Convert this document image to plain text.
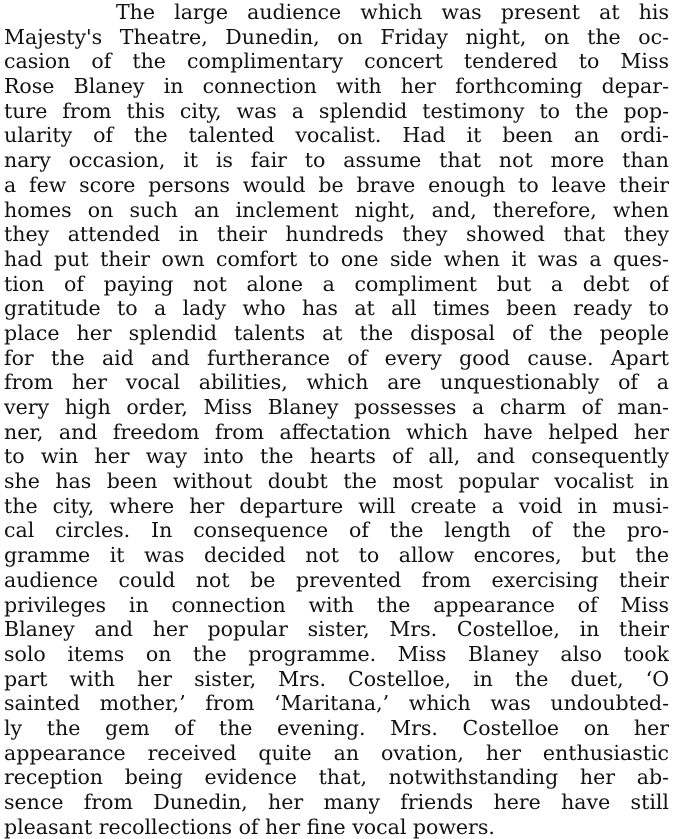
The large audience which was present at his
Majesty's Theatre, Dunedin, on Friday night, on the oc-
casion of the complimentary concert tendered to Miss
Rose Blaney in connection with her forthcoming depar-
ture from this city, was a splendid testimony to the pop-
ularity of the talented vocalist. Had it been an ordi-
nary occasion, it is fair to assume that not more than
a few score persons would be brave enough to leave their
homes on such an inclement night, and, therefore, when
they attended in their hundreds they showed that they
had put their own comfort to one side when it was a ques-
tion of paying not alone a compliment but a debt of
gratitude to a lady who has at all times been ready to
place her splendid talents at the disposal of the people
for the aid and furtherance of every good cause. Apart
from her vocal abilities, which are unquestionably of a
very high order, Miss Blaney possesses a charm of man-
ner, and freedom from affectation which have helped her
to win her way into the hearts of all, and consequently
she has been without doubt the most popular vocalist in
the city, where her departure will create a void in musi-
cal circles. In consequence of the length of the pro-
gramme it was decided not to allow encores, but the
audience could not be prevented from exercising their
privileges in connection with the appearance of Miss
Blaney and her popular sister, Mrs. Costelloe, in their
solo items on the programme. Miss Blaney also took
part with her sister, Mrs. Costelloe, in the duet, ‘O
sainted mother,’ from ‘Maritana,’ which was undoubted-
ly the gem of the evening. Mrs. Costelloe on her
appearance received quite an ovation, her enthusiastic
reception being evidence that, notwithstanding her ab-
sence from Dunedin, her many friends here have still
pleasant recollections of her fine vocal powers.
